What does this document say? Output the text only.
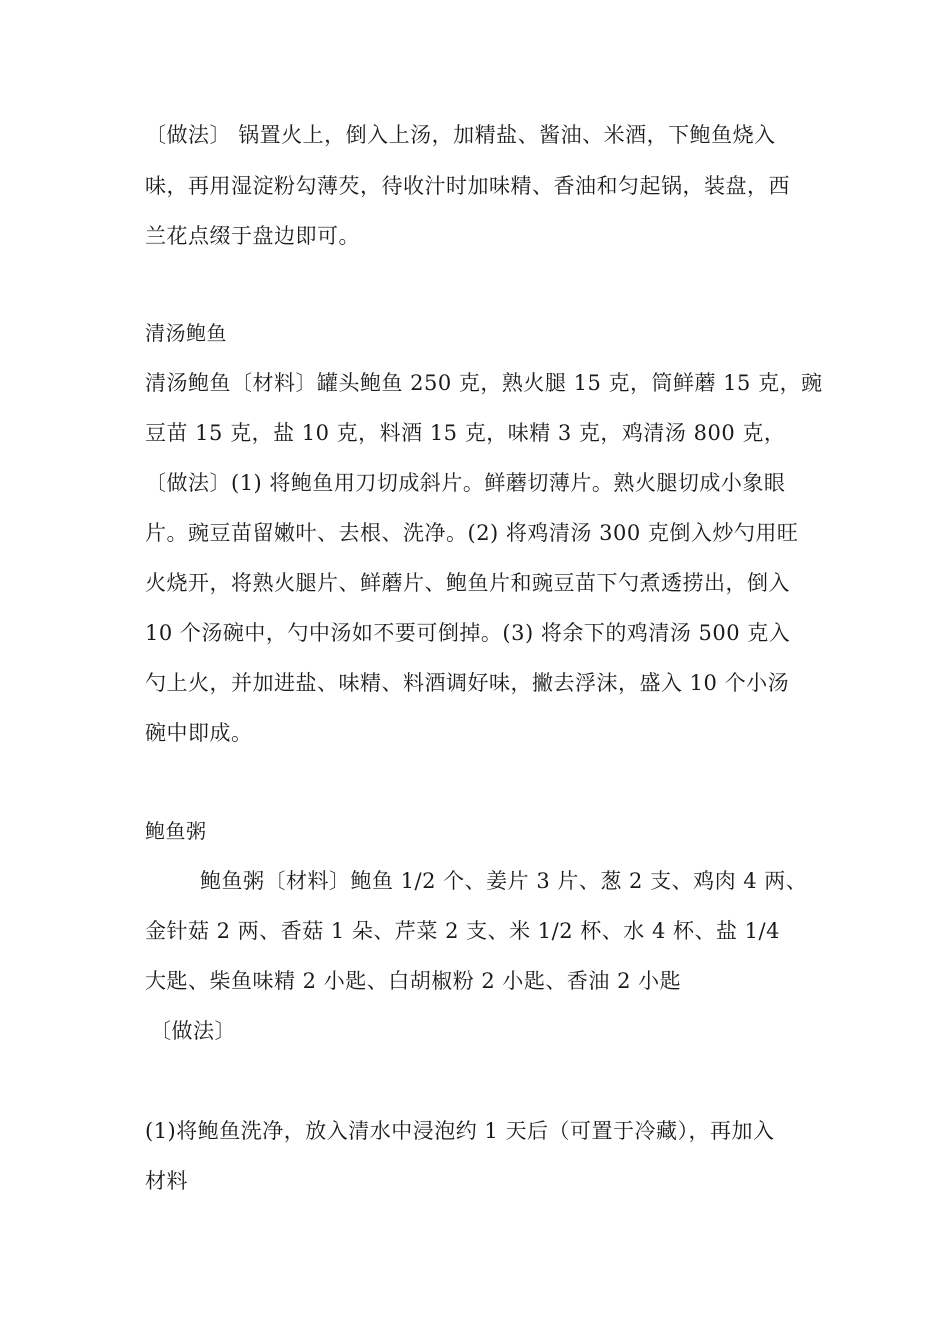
〔做法〕 锅置火上，倒入上汤，加精盐、酱油、米酒，下鲍鱼烧入
味，再用湿淀粉勾薄芡，待收汁时加味精、香油和匀起锅，装盘，西
兰花点缀于盘边即可。
清汤鲍鱼
清汤鲍鱼〔材料〕罐头鲍鱼 250 克，熟火腿 15 克，筒鲜蘑 15 克，豌
豆苗 15 克，盐 10 克，料酒 15 克，味精 3 克，鸡清汤 800 克，
〔做法〕(1) 将鲍鱼用刀切成斜片。鲜蘑切薄片。熟火腿切成小象眼
片。豌豆苗留嫩叶、去根、洗净。(2) 将鸡清汤 300 克倒入炒勺用旺
火烧开，将熟火腿片、鲜蘑片、鲍鱼片和豌豆苗下勺煮透捞出，倒入
10 个汤碗中，勺中汤如不要可倒掉。(3) 将余下的鸡清汤 500 克入
勺上火，并加进盐、味精、料酒调好味，撇去浮沫，盛入 10 个小汤
碗中即成。
鲍鱼粥
鲍鱼粥〔材料〕鲍鱼 1/2 个、姜片 3 片、葱 2 支、鸡肉 4 两、
金针菇 2 两、香菇 1 朵、芹菜 2 支、米 1/2 杯、水 4 杯、盐 1/4
大匙、柴鱼味精 2 小匙、白胡椒粉 2 小匙、香油 2 小匙
〔做法〕
(1)将鲍鱼洗净，放入清水中浸泡约 1 天后（可置于冷藏），再加入
材料
